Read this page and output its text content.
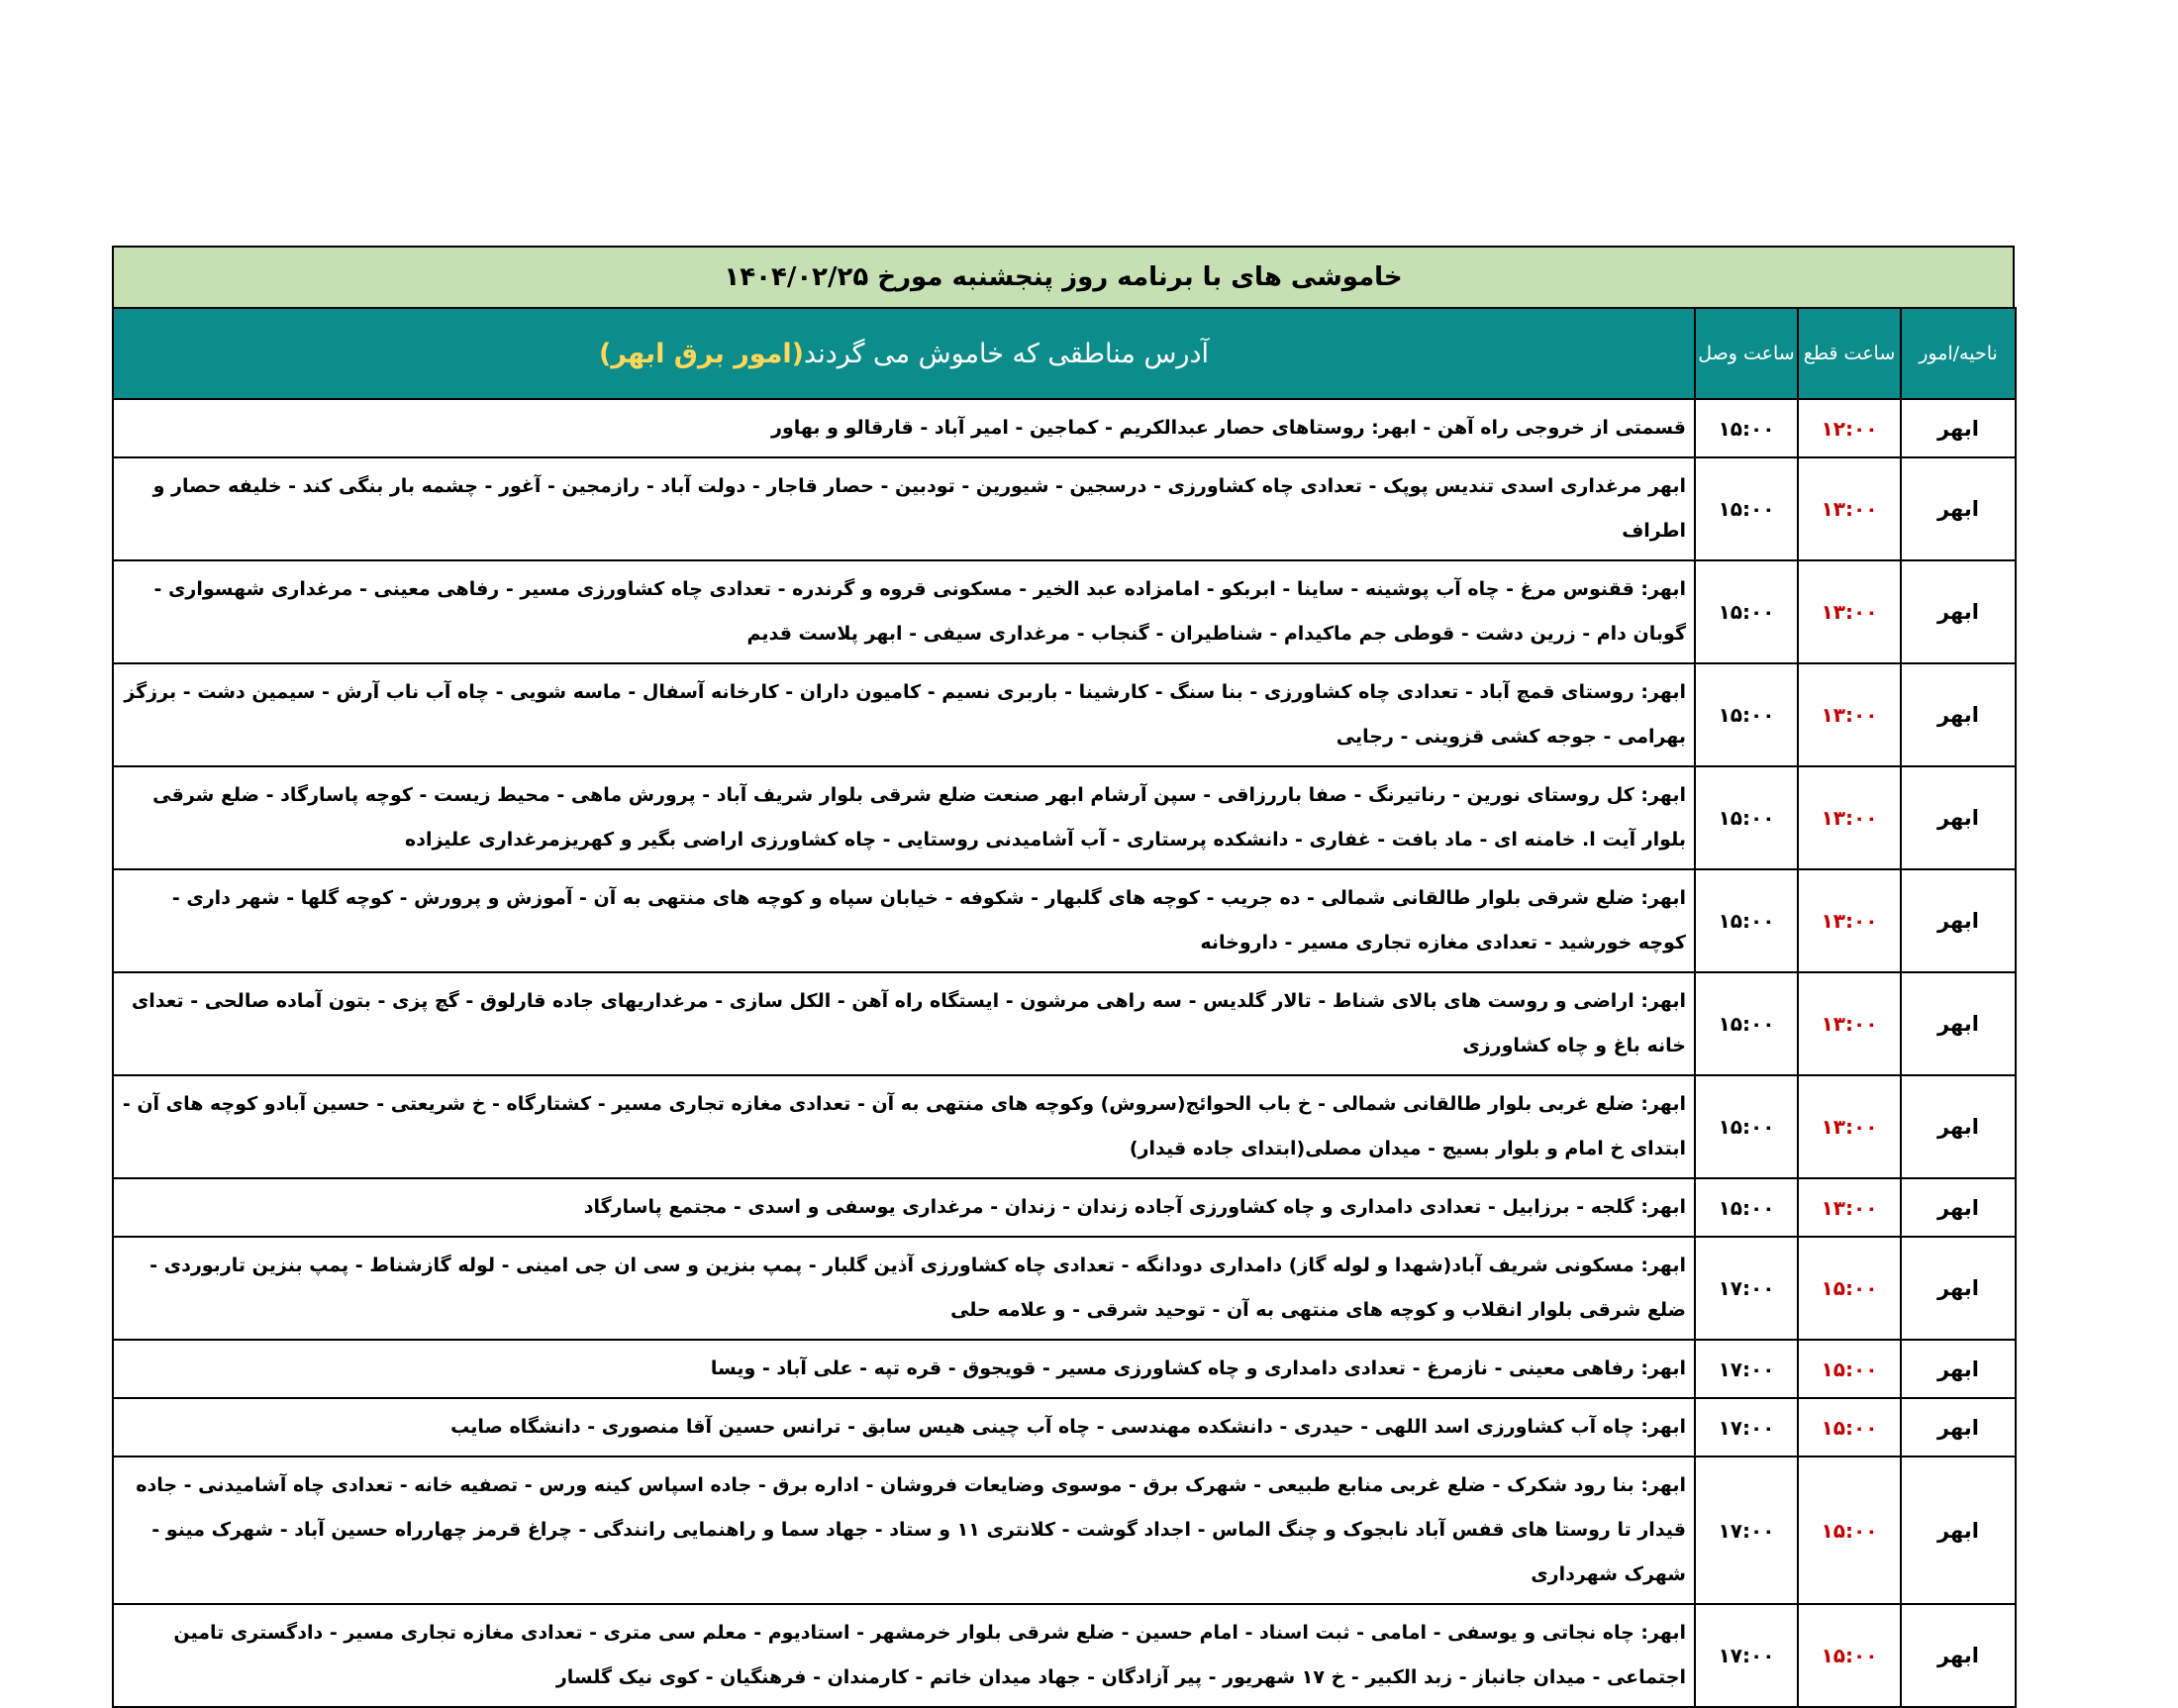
خاموشی های با برنامه روز پنجشنبه مورخ ۱۴۰۴/۰۲/۲۵
ناحیه/امور	ساعت قطع	ساعت وصل	آدرس مناطقی که خاموش می گردند(امور برق ابهر)
ابهر	۱۲:۰۰	۱۵:۰۰	قسمتی از خروجی راه آهن - ابهر: روستاهای حصار عبدالکریم - کماجین - امیر آباد - قارقالو و بهاور
ابهر	۱۳:۰۰	۱۵:۰۰	ابهر مرغداری اسدی تندیس پوپک - تعدادی چاه کشاورزی - درسجین - شیورین - تودبین - حصار قاجار - دولت آباد - رازمجین - آغور - چشمه بار بنگی کند - خلیفه حصار و اطراف
ابهر	۱۳:۰۰	۱۵:۰۰	ابهر: ققنوس مرغ - چاه آب پوشینه - ساینا - ابربکو - امامزاده عبد الخیر - مسکونی قروه و گرندره - تعدادی چاه کشاورزی مسیر - رفاهی معینی - مرغداری شهسواری - گوبان دام - زرین دشت - قوطی جم ماکیدام - شناطیران - گنجاب - مرغداری سیفی - ابهر پلاست قدیم
ابهر	۱۳:۰۰	۱۵:۰۰	ابهر: روستای قمچ آباد - تعدادی چاه کشاورزی - بنا سنگ - کارشینا - باربری نسیم - کامیون داران - کارخانه آسفال - ماسه شویی - چاه آب ناب آرش - سیمین دشت - برزگز بهرامی - جوجه کشی قزوینی - رجایی
ابهر	۱۳:۰۰	۱۵:۰۰	ابهر: کل روستای نورین - رناتیرنگ - صفا باررزاقی - سپن آرشام ابهر صنعت ضلع شرقی بلوار شریف آباد - پرورش ماهی - محیط زیست - کوچه پاسارگاد - ضلع شرقی بلوار آیت ا. خامنه ای - ماد بافت - غفاری - دانشکده پرستاری - آب آشامیدنی روستایی - چاه کشاورزی اراضی بگیر و کهریزمرغداری علیزاده
ابهر	۱۳:۰۰	۱۵:۰۰	ابهر: ضلع شرقی بلوار طالقانی شمالی - ده جریب - کوچه های گلبهار - شکوفه - خیابان سپاه و کوچه های منتهی به آن - آموزش و پرورش - کوچه گلها - شهر داری - کوچه خورشید - تعدادی مغازه تجاری مسیر - داروخانه
ابهر	۱۳:۰۰	۱۵:۰۰	ابهر: اراضی و روست های بالای شناط - تالار گلدیس - سه راهی مرشون - ایستگاه راه آهن - الکل سازی - مرغداریهای جاده قارلوق - گچ پزی - بتون آماده صالحی - تعدای خانه باغ و چاه کشاورزی
ابهر	۱۳:۰۰	۱۵:۰۰	ابهر: ضلع غربی بلوار طالقانی شمالی - خ باب الحوائج(سروش) وکوچه های منتهی به آن - تعدادی مغازه تجاری مسیر - کشتارگاه - خ شریعتی - حسین آبادو کوچه های آن - ابتدای خ امام و بلوار بسیج - میدان مصلی(ابتدای جاده قیدار)
ابهر	۱۳:۰۰	۱۵:۰۰	ابهر: گلجه - برزابیل - تعدادی دامداری و چاه کشاورزی آجاده زندان - زندان - مرغداری یوسفی و اسدی - مجتمع پاسارگاد
ابهر	۱۵:۰۰	۱۷:۰۰	ابهر: مسکونی شریف آباد(شهدا و لوله گاز) دامداری دودانگه - تعدادی چاه کشاورزی آذین گلبار - پمپ بنزین و سی ان جی امینی - لوله گازشناط - پمپ بنزین تاربوردی - ضلع شرقی بلوار انقلاب و کوچه های منتهی به آن - توحید شرقی - و علامه حلی
ابهر	۱۵:۰۰	۱۷:۰۰	ابهر: رفاهی معینی - نازمرغ - تعدادی دامداری و چاه کشاورزی مسیر - قویجوق - قره تپه - علی آباد - ویسا
ابهر	۱۵:۰۰	۱۷:۰۰	ابهر: چاه آب کشاورزی اسد اللهی - حیدری - دانشکده مهندسی - چاه آب چینی هیس سابق - ترانس حسین آقا منصوری - دانشگاه صایب
ابهر	۱۵:۰۰	۱۷:۰۰	ابهر: بنا رود شکرک - ضلع غربی منابع طبیعی - شهرک برق - موسوی وضایعات فروشان - اداره برق - جاده اسپاس کینه ورس - تصفیه خانه - تعدادی چاه آشامیدنی - جاده قیدار تا روستا های قفس آباد نابجوک و چنگ الماس - اجداد گوشت - کلانتری ۱۱ و ستاد - جهاد سما و راهنمایی رانندگی - چراغ قرمز چهارراه حسین آباد - شهرک مینو - شهرک شهرداری
ابهر	۱۵:۰۰	۱۷:۰۰	ابهر: چاه نجاتی و یوسفی - امامی - ثبت اسناد - امام حسین - ضلع شرقی بلوار خرمشهر - استادیوم - معلم سی متری - تعدادی مغازه تجاری مسیر - دادگستری تامین اجتماعی - میدان جانباز - زبد الکبیر - خ ۱۷ شهریور - پیر آزادگان - جهاد میدان خاتم - کارمندان - فرهنگیان - کوی نیک گلسار
